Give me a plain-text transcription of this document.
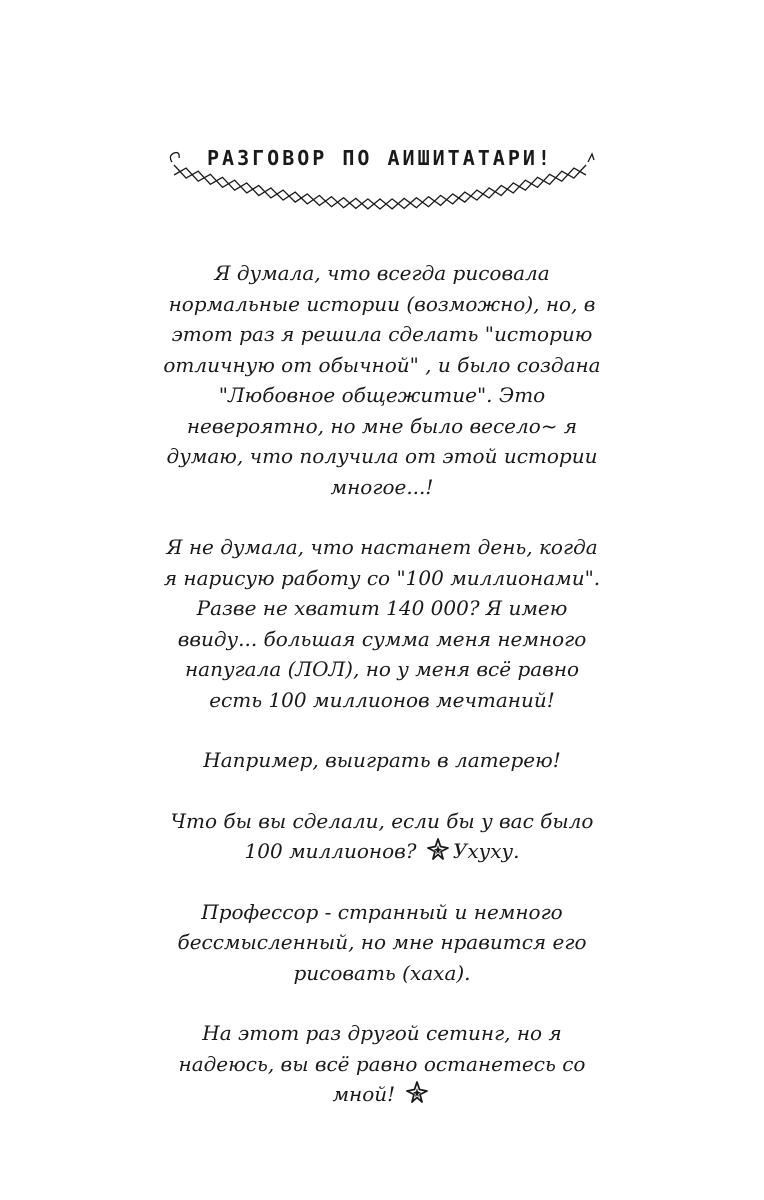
РАЗГОВОР ПО АИШИТАТАРИ!

Я думала, что всегда рисовала
нормальные истории (возможно), но, в
этот раз я решила сделать "историю
отличную от обычной" , и было создана
"Любовное общежитие". Это
невероятно, но мне было весело~ я
думаю, что получила от этой истории
многое...!

Я не думала, что настанет день, когда
я нарисую работу со "100 миллионами".
Разве не хватит 140 000? Я имею
ввиду... большая сумма меня немного
напугала (ЛОЛ), но у меня всё равно
есть 100 миллионов мечтаний!

Например, выиграть в латерею!

Что бы вы сделали, если бы у вас было
100 миллионов? Ухуху.

Профессор - странный и немного
бессмысленный, но мне нравится его
рисовать (хаха).

На этот раз другой сетинг, но я
надеюсь, вы всё равно останетесь со
мной!
